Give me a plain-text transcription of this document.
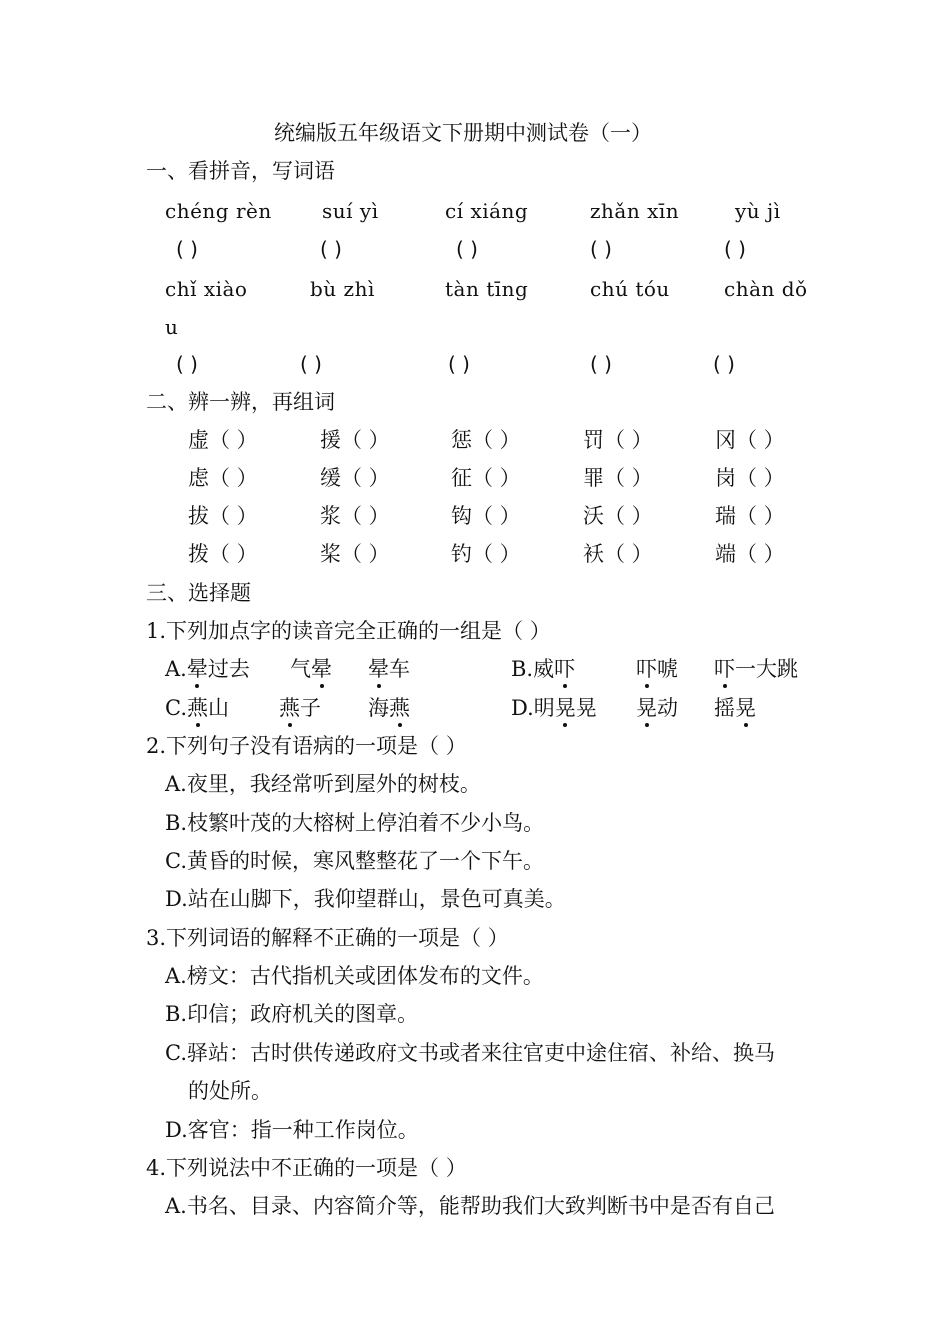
统编版五年级语文下册期中测试卷（一）
一、看拼音，写词语
chéng rèn	suí yì	cí xiáng	zhǎn xīn	yù jì
( )	( )	( )	( )	( )
chǐ xiào	bù zhì	tàn tīng	chú tóu	chàn dǒ
u
( )	( )	( )	( )	( )
二、辨一辨，再组词
虚（ ）	援（ ）	惩（ ）	罚（ ）	冈（ ）
虑（ ）	缓（ ）	征（ ）	罪（ ）	岗（ ）
拔（ ）	浆（ ）	钩（ ）	沃（ ）	瑞（ ）
拨（ ）	桨（ ）	钓（ ）	袄（ ）	端（ ）
三、选择题
1.下列加点字的读音完全正确的一组是（ ）
A.晕过去 气晕 晕车	B.威吓	吓唬 吓一大跳
C.燕山 燕子 海燕	D.明晃晃 晃动 摇晃
2.下列句子没有语病的一项是（ ）
A.夜里，我经常听到屋外的树枝。
B.枝繁叶茂的大榕树上停泊着不少小鸟。
C.黄昏的时候，寒风整整花了一个下午。
D.站在山脚下，我仰望群山，景色可真美。
3.下列词语的解释不正确的一项是（ ）
A.榜文：古代指机关或团体发布的文件。
B.印信；政府机关的图章。
C.驿站：古时供传递政府文书或者来往官吏中途住宿、补给、换马
的处所。
D.客官：指一种工作岗位。
4.下列说法中不正确的一项是（ ）
A.书名、目录、内容简介等，能帮助我们大致判断书中是否有自己
